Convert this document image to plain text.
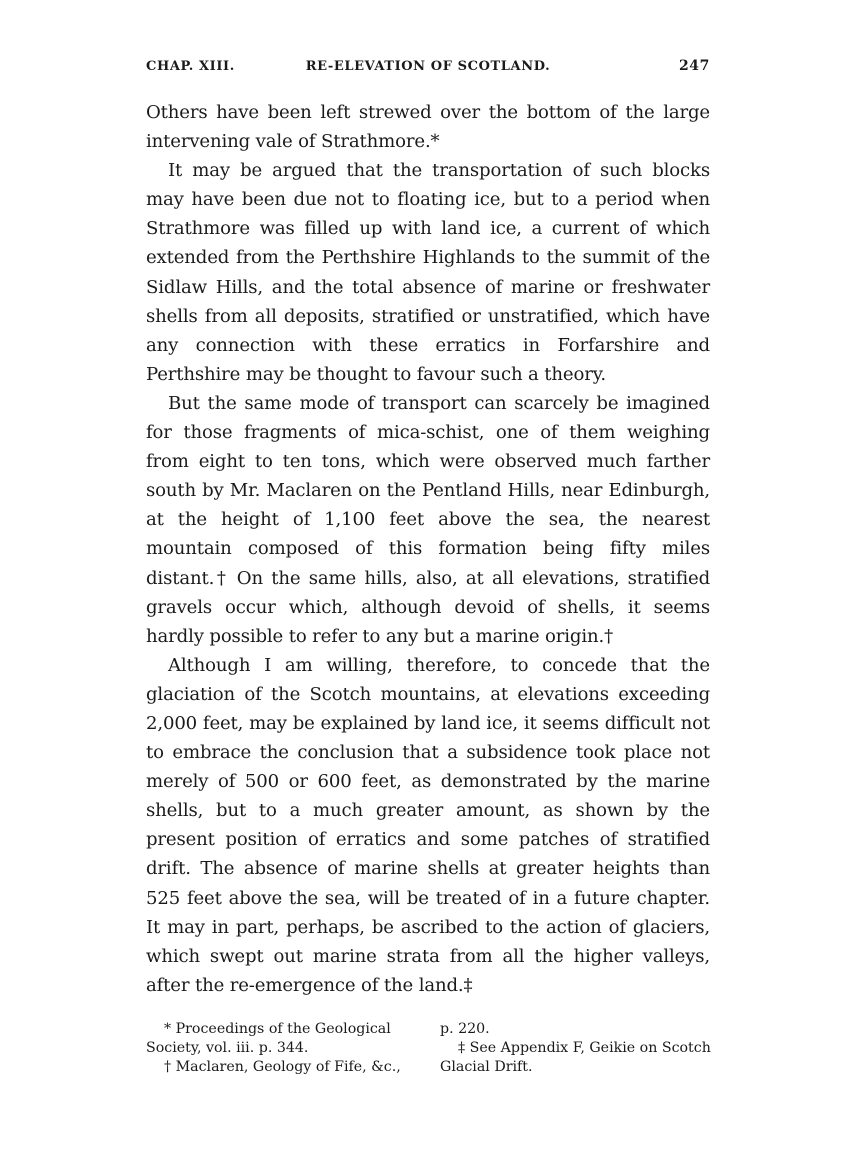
CHAP. XIII.	RE-ELEVATION OF SCOTLAND.	247

Others have been left strewed over the bottom of the large intervening vale of Strathmore.*

It may be argued that the transportation of such blocks may have been due not to floating ice, but to a period when Strathmore was filled up with land ice, a current of which extended from the Perthshire Highlands to the summit of the Sidlaw Hills, and the total absence of marine or freshwater shells from all deposits, stratified or unstratified, which have any connection with these erratics in Forfarshire and Perthshire may be thought to favour such a theory.

But the same mode of transport can scarcely be imagined for those fragments of mica-schist, one of them weighing from eight to ten tons, which were observed much farther south by Mr. Maclaren on the Pentland Hills, near Edinburgh, at the height of 1,100 feet above the sea, the nearest mountain composed of this formation being fifty miles distant.† On the same hills, also, at all elevations, stratified gravels occur which, although devoid of shells, it seems hardly possible to refer to any but a marine origin.†

Although I am willing, therefore, to concede that the glaciation of the Scotch mountains, at elevations exceeding 2,000 feet, may be explained by land ice, it seems difficult not to embrace the conclusion that a subsidence took place not merely of 500 or 600 feet, as demonstrated by the marine shells, but to a much greater amount, as shown by the present position of erratics and some patches of stratified drift. The absence of marine shells at greater heights than 525 feet above the sea, will be treated of in a future chapter. It may in part, perhaps, be ascribed to the action of glaciers, which swept out marine strata from all the higher valleys, after the re-emergence of the land.‡

* Proceedings of the Geological
Society, vol. iii. p. 344.
† Maclaren, Geology of Fife, &c.,
p. 220.
‡ See Appendix F, Geikie on Scotch
Glacial Drift.
